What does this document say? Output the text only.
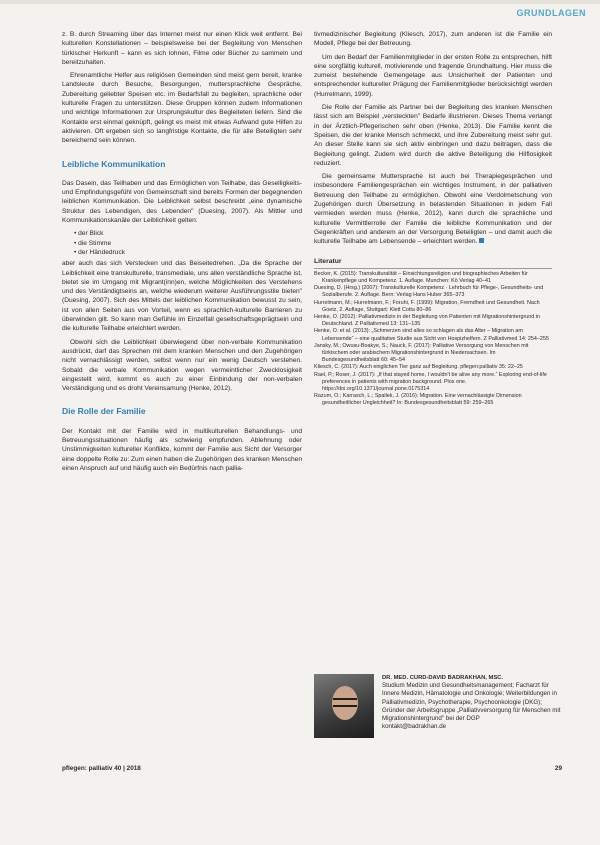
GRUNDLAGEN

z. B. durch Streaming über das Internet meist nur einen Klick weit entfernt. Bei kulturellen Konstellationen – beispielsweise bei der Begleitung von Menschen türkischer Herkunft – kann es sich lohnen, Filme oder Bücher zu sammeln und bereitzuhalten.

Ehrenamtliche Helfer aus religiösen Gemeinden sind meist gern bereit, kranke Landsleute durch Besuche, Besorgungen, muttersprachliche Gespräche, Zubereitung geliebter Speisen etc. im Bedarfsfall zu begleiten, sprachliche oder kulturelle Fragen zu unterstützen. Diese Gruppen können zudem Informationen und wichtige Informationen zur Ursprungskultur des Begleiteten liefern. Sind die Kontakte erst einmal geknüpft, gelingt es meist mit etwas Aufwand gute Hilfen zu aktivieren. Oft ergeben sich so langfristige Kontakte, die für alle Beteiligten sehr bereichernd sein können.

Leibliche Kommunikation

Das Dasein, das Teilhaben und das Ermöglichen von Teilhabe, das Geselligkeits- und Empfindungsgefühl von Gemeinschaft sind bereits Formen der begegnenden leiblichen Kommunikation. Die Leiblichkeit selbst beschreibt „eine dynamische Struktur des Lebendigen, des Lebenden" (Duesing, 2007). Als Mittler und Kommunikationskanäle der Leiblichkeit gelten:

• der Blick
• die Stimme
• der Händedruck

aber auch das sich Verstecken und das Beiseitedrehen. „Da die Sprache der Leiblichkeit eine transkulturelle, transmediale, uns allen verständliche Sprache ist, bietet sie im Umgang mit Migrant(inn)en, welche Möglichkeiten des Verstehens und des Verständigtseins an, welche wiederum weiterer Ausführungsstile bieten" (Duesing, 2007). Sich des Mittels der leiblichen Kommunikation bewusst zu sein, ist von allen Seiten aus von Vorteil, wenn es sprachlich-kulturelle Barrieren zu überwinden gilt. So kann man Gefühle im Einzelfall gesellschaftsgeprägtsein und die kulturelle Teilhabe erleichtert werden.

Obwohl sich die Leiblichkeit überwiegend über non-verbale Kommunikation ausdrückt, darf das Sprechen mit dem kranken Menschen und den Zugehörigen nicht vernachlässigt werden, selbst wenn nur ein wenig Deutsch verstehen. Sobald die verbale Kommunikation wegen vermeintlicher Zwecklosigkeit eingestellt wird, kommt es auch zu einer Einbindung der non-verbalen Verständigung und es droht Vereinsamung (Henke, 2012).

Die Rolle der Familie

Der Kontakt mit der Familie wird in multikulturellen Behandlungs- und Betreuungssituationen häufig als schwierig empfunden. Ablehnung oder Unstimmigkeiten kultureller Konflikte, kommt der Familie aus Sicht der Versorger eine doppelte Rolle zu: Zum einen haben die Zugehörigen des kranken Menschen einen Anspruch auf und häufig auch ein Bedürfnis nach pallia-

tivmedizinischer Begleitung (Kliesch, 2017), zum anderen ist die Familie ein Modell, Pflege bei der Betreuung.

Um den Bedarf der Familienmitglieder in der ersten Rolle zu entsprechen, hilft eine sorgfältig kulturell, motivierende und fragende Grundhaltung. Hier muss die zumeist bestehende Gemengelage aus Unsicherheit der Patienten und entsprechender kultureller Prägung der Familienmitglieder berücksichtigt werden (Hurrelmann, 1999).

Die Rolle der Familie als Partner bei der Begleitung des kranken Menschen lässt sich am Beispiel „versteckten" Bedarfe illustrieren. Dieses Thema verlangt in der Ärztlich-Pflegerischen sehr oben (Henke, 2013). Die Familie kennt die Speisen, die der kranke Mensch schmeckt, und ihre Zubereitung meist sehr gut. An dieser Stelle kann sie sich aktiv einbringen und dazu beitragen, dass die Begleitung gelingt. Zudem wird durch die aktive Beteiligung die Hilflosigkeit reduziert.

Die gemeinsame Muttersprache ist auch bei Therapiegesprächen und insbesondere Familiengesprächen ein wichtiges Instrument, in der palliativen Betreuung den Teilhabe zu ermöglichen. Obwohl eine Verdolmetschung von Zugehörigen durch Übersetzung in belastenden Situationen in jedem Fall vermieden werden muss (Henke, 2012), kann durch die sprachliche und kulturelle Vermittlerrolle der Familie die leibliche Kommunikation und der Gegenkräften und anderem an der Versorgung Beteiligten – und damit auch die kulturelle Teilhabe am Lebensende – erleichtert werden.

Literatur

Becker, K. (2015): Transkulturalität – Einsichtungsreligion und biographisches Arbeiten für Krankenpflege und Kompetenz. 1. Auflage. Munchen: Kö Verlag 40–41

Duesing, D. (Hrsg.) (2007): Transkulturelle Kompetenz · Lehrbuch für Pflege-, Gesundheits- und Sozialberufe. 2. Auflage. Bern: Verlag Hans Huber 365–373

Hurrelmann, M.; Hurrelmann, F.; Foruhi, F. (1999): Migration, Fremdheit und Gesundheit. Nach Goetz, 2. Auflage, Stuttgart: Klett Cotta 80–86

Henke, O. (2012): Palliativmedizin in der Begleitung von Patienten mit Migrationshintergrund in Deutschland. Z Palliativmed 13: 131–135

Henke, O. et al. (2013): „Schmerzen sind alles so schlagen als das Alter – Migration am Lebensende“ – eine qualitative Studie aus Sicht von Hospizhelfern. Z Palliativmed 14: 254–255

Jansky, M.; Owusu-Boakye, S.; Nauck, F. (2017): Palliative Versorgung von Menschen mit türkischem oder arabischem Migrationshintergrund in Niedersachsen. Im Bundesgesundheitsblatt 60: 45–54

Kliesch, C. (2017): Auch einglichen Tier ganz auf Begleitung. pflegen:palliativ 35: 22–25

Rael, P.; Roser, J. (2017): „If that stayed home, I wouldn't be alive any more.“ Exploring end-of-life preferences in patients with migration background. Plos one. https://doi.org/10.1371/journal.pone.0175314

Razum, O.; Karrasch, L.; Spallek, J. (2016): Migration. Eine vernachlässigte Dimension gesundheitlicher Ungleichheit? In: Bundesgesundheitsblatt 59: 259–265

DR. MED. CURD-DAVID BADRAKHAN, MSC.
Studium Medizin und Gesundheitsmanagement; Facharzt für Innere Medizin, Hämatologie und Onkologie; Weiterbildungen in Palliativmedizin, Psychotherapie, Psychoonkologie (DKG); Gründer der Arbeitsgruppe „Palliativversorgung für Menschen mit Migrationshintergrund" bei der DGP
kontakt@badrakhan.de
pflegen: palliativ 40 | 2018	29
